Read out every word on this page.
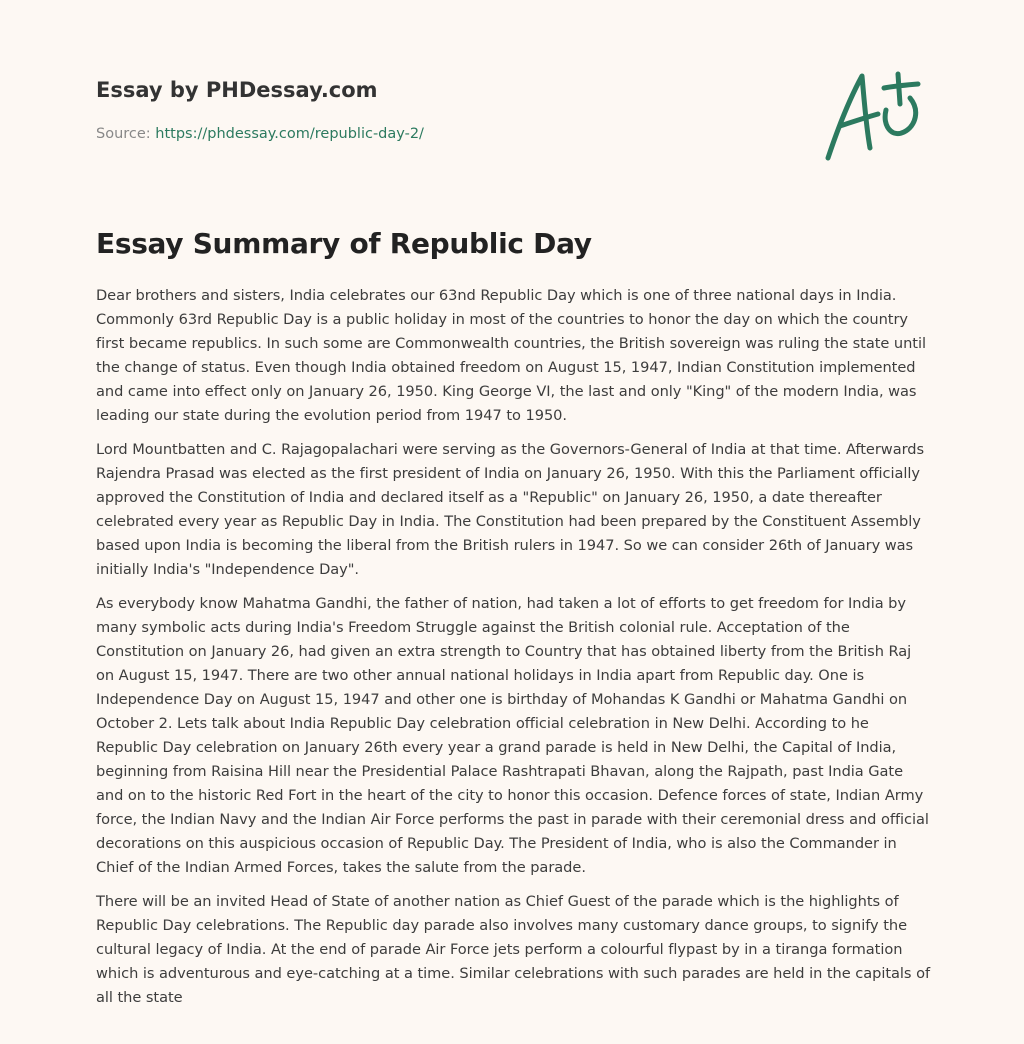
Essay by PHDessay.com
Source: https://phdessay.com/republic-day-2/
Essay Summary of Republic Day

Dear brothers and sisters, India celebrates our 63nd Republic Day which is one of three national days in India. Commonly 63rd Republic Day is a public holiday in most of the countries to honor the day on which the country first became republics. In such some are Commonwealth countries, the British sovereign was ruling the state until the change of status. Even though India obtained freedom on August 15, 1947, Indian Constitution implemented and came into effect only on January 26, 1950. King George VI, the last and only "King" of the modern India, was leading our state during the evolution period from 1947 to 1950.

Lord Mountbatten and C. Rajagopalachari were serving as the Governors-General of India at that time. Afterwards Rajendra Prasad was elected as the first president of India on January 26, 1950. With this the Parliament officially approved the Constitution of India and declared itself as a "Republic" on January 26, 1950, a date thereafter celebrated every year as Republic Day in India. The Constitution had been prepared by the Constituent Assembly based upon India is becoming the liberal from the British rulers in 1947. So we can consider 26th of January was initially India's "Independence Day".

As everybody know Mahatma Gandhi, the father of nation, had taken a lot of efforts to get freedom for India by many symbolic acts during India's Freedom Struggle against the British colonial rule. Acceptation of the Constitution on January 26, had given an extra strength to Country that has obtained liberty from the British Raj on August 15, 1947. There are two other annual national holidays in India apart from Republic day. One is Independence Day on August 15, 1947 and other one is birthday of Mohandas K Gandhi or Mahatma Gandhi on October 2. Lets talk about India Republic Day celebration official celebration in New Delhi. According to he Republic Day celebration on January 26th every year a grand parade is held in New Delhi, the Capital of India, beginning from Raisina Hill near the Presidential Palace Rashtrapati Bhavan, along the Rajpath, past India Gate and on to the historic Red Fort in the heart of the city to honor this occasion. Defence forces of state, Indian Army force, the Indian Navy and the Indian Air Force performs the past in parade with their ceremonial dress and official decorations on this auspicious occasion of Republic Day. The President of India, who is also the Commander in Chief of the Indian Armed Forces, takes the salute from the parade.

There will be an invited Head of State of another nation as Chief Guest of the parade which is the highlights of Republic Day celebrations. The Republic day parade also involves many customary dance groups, to signify the cultural legacy of India. At the end of parade Air Force jets perform a colourful flypast by in a tiranga formation which is adventurous and eye-catching at a time. Similar celebrations with such parades are held in the capitals of all the state
